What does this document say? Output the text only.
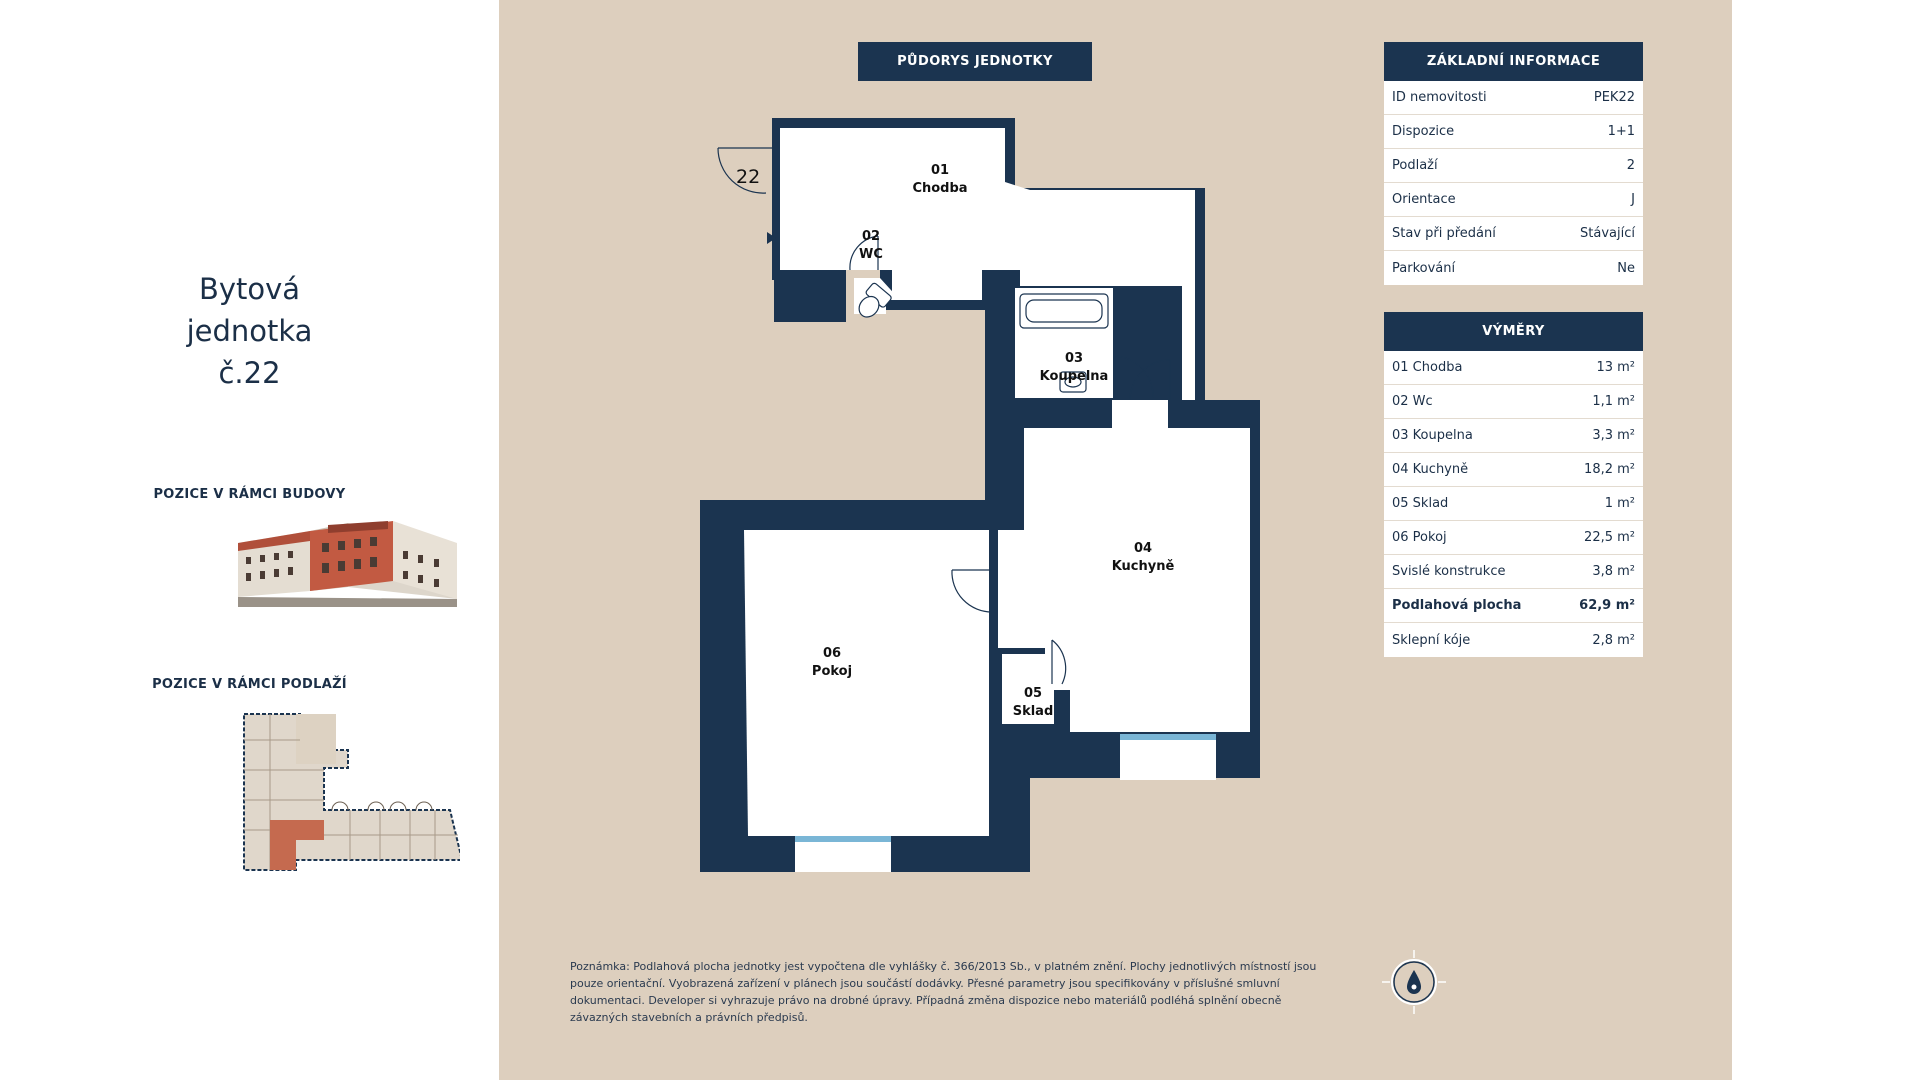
Bytová
jednotka
č.22
POZICE V RÁMCI BUDOVY
POZICE V RÁMCI PODLAŽÍ
PŮDORYS JEDNOTKY
22	01
Chodba
02
WC
03
Koupelna
04
Kuchyně
05
Sklad
06
Pokoj
ZÁKLADNÍ INFORMACE
ID nemovitosti	PEK22
Dispozice	1+1
Podlaží	2
Orientace	J
Stav při předání	Stávající
Parkování	Ne
VÝMĚRY
01 Chodba	13 m²
02 Wc	1,1 m²
03 Koupelna	3,3 m²
04 Kuchyně	18,2 m²
05 Sklad	1 m²
06 Pokoj	22,5 m²
Svislé konstrukce	3,8 m²
Podlahová plocha	62,9 m²
Sklepní kóje	2,8 m²
Poznámka: Podlahová plocha jednotky jest vypočtena dle vyhlášky č. 366/2013 Sb., v platném znění. Plochy jednotlivých místností jsou pouze orientační. Vyobrazená zařízení v plánech jsou součástí dodávky. Přesné parametry jsou specifikovány v příslušné smluvní dokumentaci. Developer si vyhrazuje právo na drobné úpravy. Případná změna dispozice nebo materiálů podléhá splnění obecně závazných stavebních a právních předpisů.
